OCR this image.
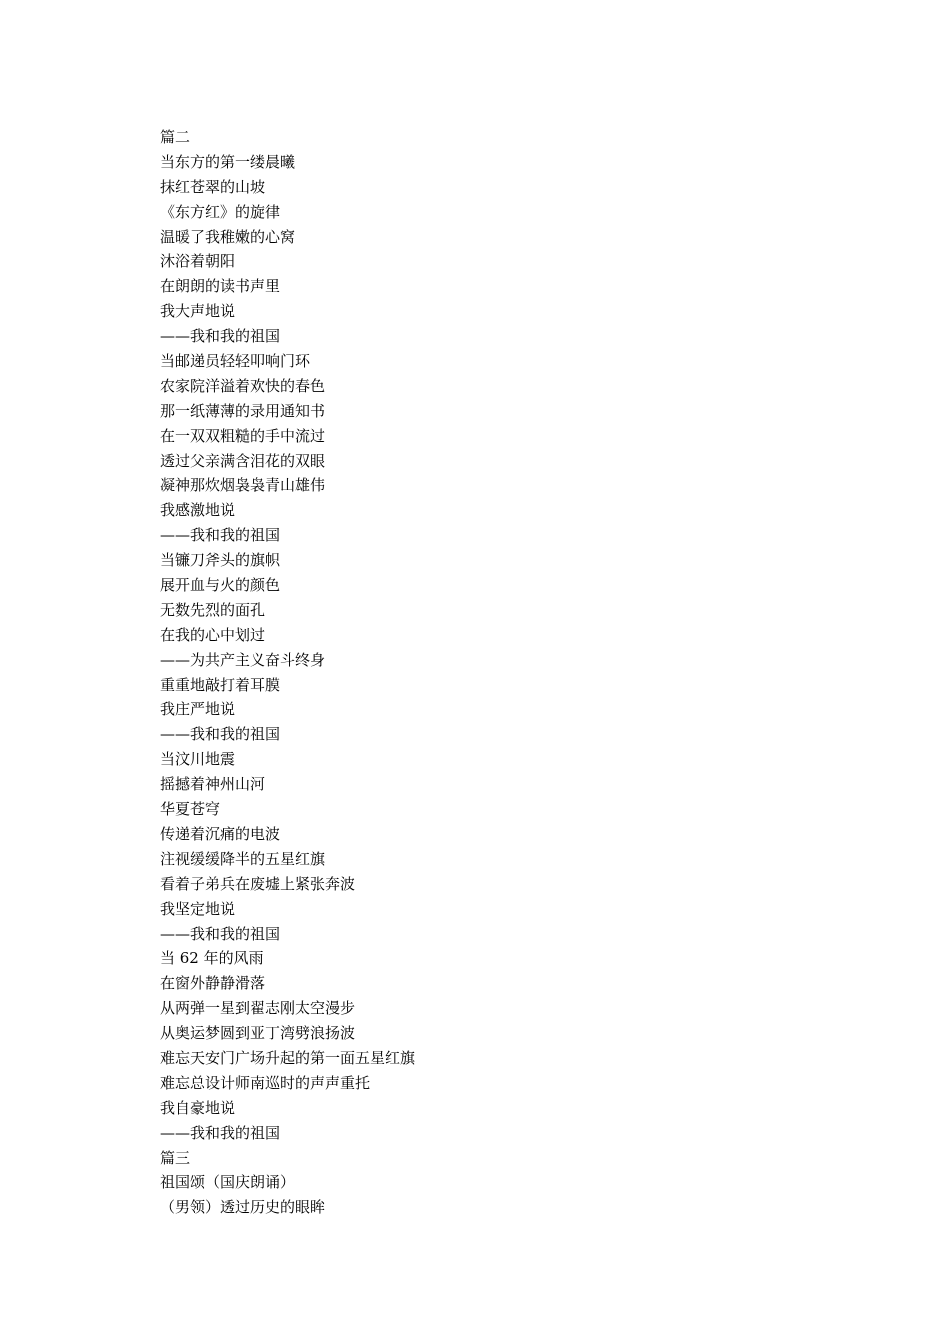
篇二

当东方的第一缕晨曦

抹红苍翠的山坡

《东方红》的旋律

温暖了我稚嫩的心窝

沐浴着朝阳

在朗朗的读书声里

我大声地说

——我和我的祖国

当邮递员轻轻叩响门环

农家院洋溢着欢快的春色

那一纸薄薄的录用通知书

在一双双粗糙的手中流过

透过父亲满含泪花的双眼

凝神那炊烟袅袅青山雄伟

我感激地说

——我和我的祖国

当镰刀斧头的旗帜

展开血与火的颜色

无数先烈的面孔

在我的心中划过

——为共产主义奋斗终身

重重地敲打着耳膜

我庄严地说

——我和我的祖国

当汶川地震

摇撼着神州山河

华夏苍穹

传递着沉痛的电波

注视缓缓降半的五星红旗

看着子弟兵在废墟上紧张奔波

我坚定地说

——我和我的祖国

当 62 年的风雨

在窗外静静滑落

从两弹一星到翟志刚太空漫步

从奥运梦圆到亚丁湾劈浪扬波

难忘天安门广场升起的第一面五星红旗

难忘总设计师南巡时的声声重托

我自豪地说

——我和我的祖国

篇三

祖国颂（国庆朗诵）

（男领）透过历史的眼眸
